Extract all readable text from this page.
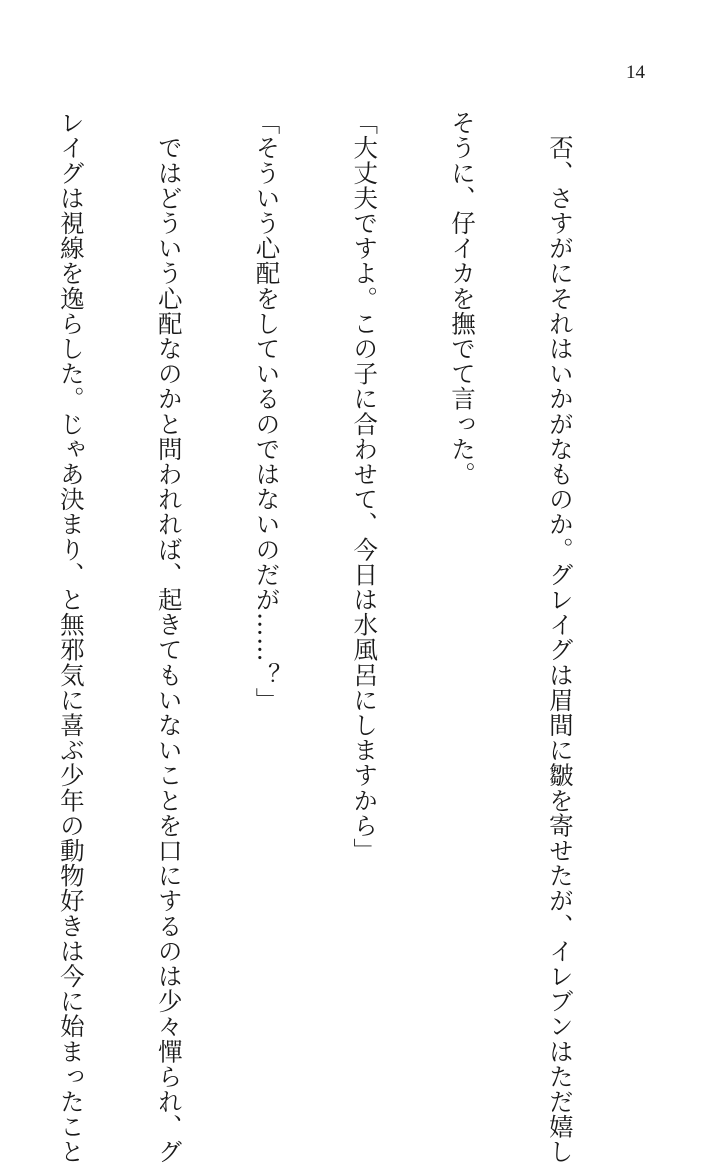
14

　否、さすがにそれはいかがなものか。グレイグは眉間に皺を寄せたが、イレブンはただ嬉し

そうに、仔イカを撫でて言った。

「大丈夫ですよ。この子に合わせて、今日は水風呂にしますから」

「そういう心配をしているのではないのだが……？」

　ではどういう心配なのかと問われれば、起きてもいないことを口にするのは少々憚られ、グ

レイグは視線を逸らした。じゃあ決まり、と無邪気に喜ぶ少年の動物好きは今に始まったこと
